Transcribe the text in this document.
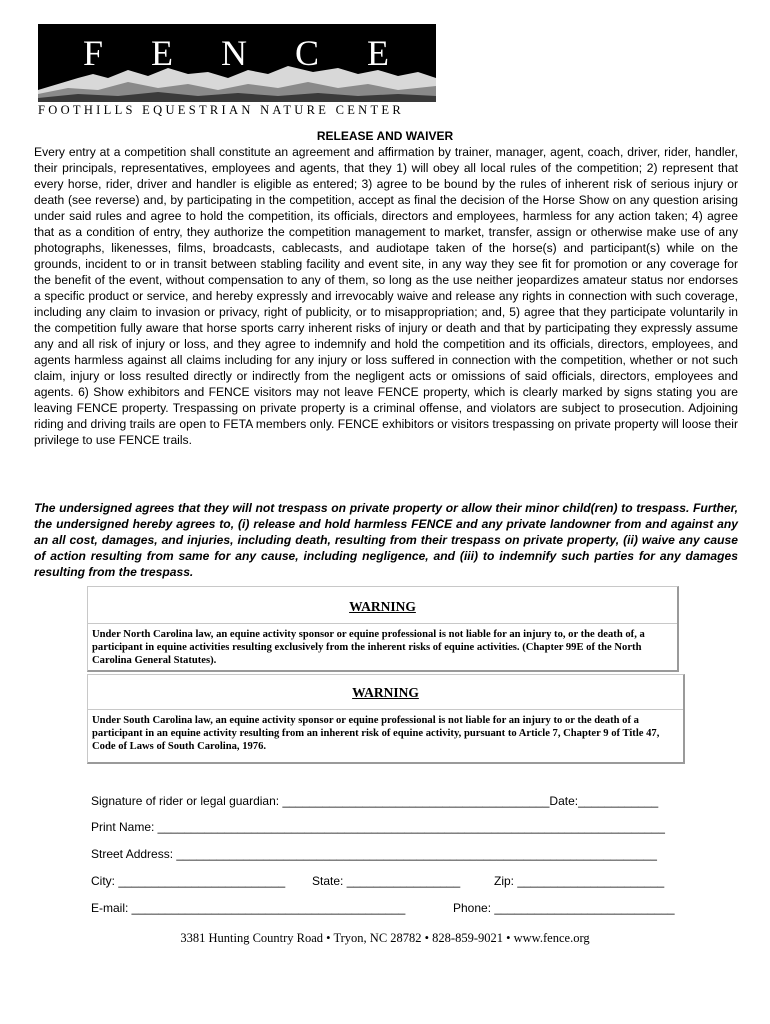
F E N C E
FOOTHILLS EQUESTRIAN NATURE CENTER
RELEASE AND WAIVER

Every entry at a competition shall constitute an agreement and affirmation by trainer, manager, agent, coach, driver, rider, handler, their principals, representatives, employees and agents, that they 1) will obey all local rules of the competition; 2) represent that every horse, rider, driver and handler is eligible as entered; 3) agree to be bound by the rules of inherent risk of serious injury or death (see reverse) and, by participating in the competition, accept as final the decision of the Horse Show on any question arising under said rules and agree to hold the competition, its officials, directors and employees, harmless for any action taken; 4) agree that as a condition of entry, they authorize the competition management to market, transfer, assign or otherwise make use of any photographs, likenesses, films, broadcasts, cablecasts, and audiotape taken of the horse(s) and participant(s) while on the grounds, incident to or in transit between stabling facility and event site, in any way they see fit for promotion or any coverage for the benefit of the event, without compensation to any of them, so long as the use neither jeopardizes amateur status nor endorses a specific product or service, and hereby expressly and irrevocably waive and release any rights in connection with such coverage, including any claim to invasion or privacy, right of publicity, or to misappropriation; and, 5) agree that they participate voluntarily in the competition fully aware that horse sports carry inherent risks of injury or death and that by participating they expressly assume any and all risk of injury or loss, and they agree to indemnify and hold the competition and its officials, directors, employees, and agents harmless against all claims including for any injury or loss suffered in connection with the competition, whether or not such claim, injury or loss resulted directly or indirectly from the negligent acts or omissions of said officials, directors, employees and agents. 6) Show exhibitors and FENCE visitors may not leave FENCE property, which is clearly marked by signs stating you are leaving FENCE property. Trespassing on private property is a criminal offense, and violators are subject to prosecution. Adjoining riding and driving trails are open to FETA members only. FENCE exhibitors or visitors trespassing on private property will loose their privilege to use FENCE trails.

The undersigned agrees that they will not trespass on private property or allow their minor child(ren) to trespass. Further, the undersigned hereby agrees to, (i) release and hold harmless FENCE and any private landowner from and against any an all cost, damages, and injuries, including death, resulting from their trespass on private property, (ii) waive any cause of action resulting from same for any cause, including negligence, and (iii) to indemnify such parties for any damages resulting from the trespass.

WARNING

Under North Carolina law, an equine activity sponsor or equine professional is not liable for an injury to, or the death of, a participant in equine activities resulting exclusively from the inherent risks of equine activities. (Chapter 99E of the North Carolina General Statutes).

WARNING

Under South Carolina law, an equine activity sponsor or equine professional is not liable for an injury to or the death of a participant in an equine activity resulting from an inherent risk of equine activity, pursuant to Article 7, Chapter 9 of Title 47, Code of Laws of South Carolina, 1976.

Signature of rider or legal guardian: ________________________________________Date:____________
Print Name: ____________________________________________________________________________
Street Address: ________________________________________________________________________
City: _________________________ State: _________________	Zip: ______________________
E-mail: _________________________________________	Phone: ___________________________
3381 Hunting Country Road • Tryon, NC 28782 • 828-859-9021 • www.fence.org
